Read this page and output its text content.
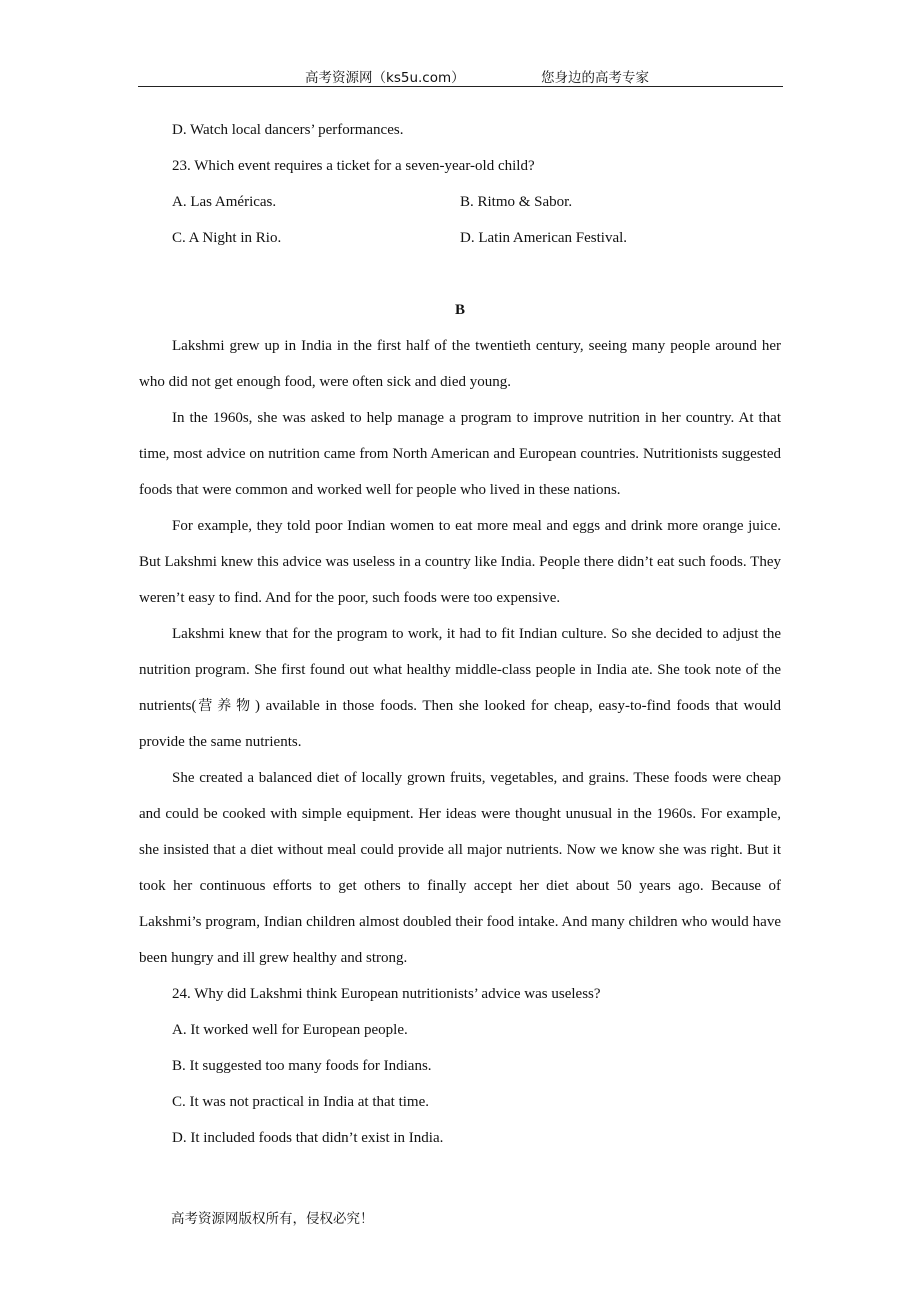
高考资源网（ks5u.com）	您身边的高考专家
D. Watch local dancers’ performances.
23. Which event requires a ticket for a seven-year-old child?
A. Las Américas.	B. Ritmo & Sabor.
C. A Night in Rio.	D. Latin American Festival.
B

Lakshmi grew up in India in the first half of the twentieth century, seeing many people around her who did not get enough food, were often sick and died young.

In the 1960s, she was asked to help manage a program to improve nutrition in her country. At that time, most advice on nutrition came from North American and European countries. Nutritionists suggested foods that were common and worked well for people who lived in these nations.

For example, they told poor Indian women to eat more meal and eggs and drink more orange juice. But Lakshmi knew this advice was useless in a country like India. People there didn’t eat such foods. They weren’t easy to find. And for the poor, such foods were too expensive.

Lakshmi knew that for the program to work, it had to fit Indian culture. So she decided to adjust the nutrition program. She first found out what healthy middle-class people in India ate. She took note of the nutrients(营养物) available in those foods. Then she looked for cheap, easy-to-find foods that would provide the same nutrients.

She created a balanced diet of locally grown fruits, vegetables, and grains. These foods were cheap and could be cooked with simple equipment. Her ideas were thought unusual in the 1960s. For example, she insisted that a diet without meal could provide all major nutrients. Now we know she was right. But it took her continuous efforts to get others to finally accept her diet about 50 years ago. Because of Lakshmi’s program, Indian children almost doubled their food intake. And many children who would have been hungry and ill grew healthy and strong.

24. Why did Lakshmi think European nutritionists’ advice was useless?
A. It worked well for European people.
B. It suggested too many foods for Indians.
C. It was not practical in India at that time.
D. It included foods that didn’t exist in India.
高考资源网版权所有，侵权必究！
